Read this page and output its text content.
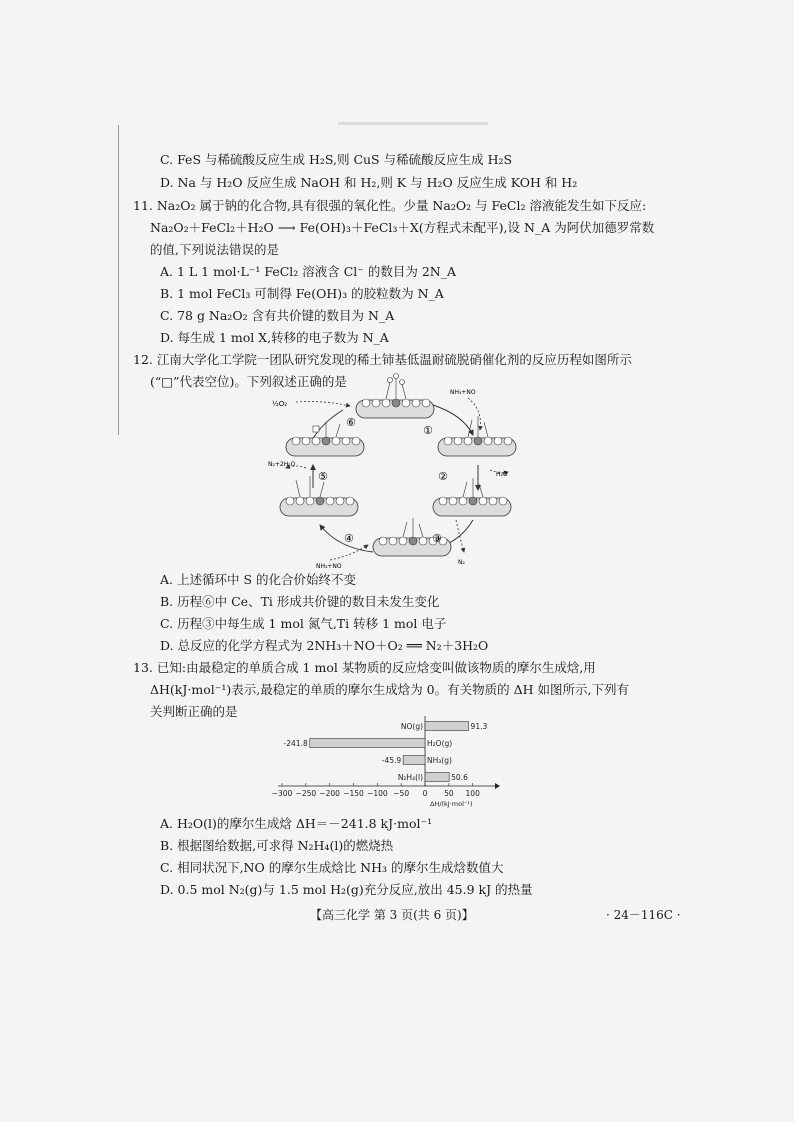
C. FeS 与稀硫酸反应生成 H₂S,则 CuS 与稀硫酸反应生成 H₂S
D. Na 与 H₂O 反应生成 NaOH 和 H₂,则 K 与 H₂O 反应生成 KOH 和 H₂
11. Na₂O₂ 属于钠的化合物,具有很强的氧化性。少量 Na₂O₂ 与 FeCl₂ 溶液能发生如下反应:
Na₂O₂＋FeCl₂＋H₂O ⟶ Fe(OH)₃＋FeCl₃＋X(方程式未配平),设 N_A 为阿伏加德罗常数
的值,下列说法错误的是
A. 1 L 1 mol·L⁻¹ FeCl₂ 溶液含 Cl⁻ 的数目为 2N_A
B. 1 mol FeCl₃ 可制得 Fe(OH)₃ 的胶粒数为 N_A
C. 78 g Na₂O₂ 含有共价键的数目为 N_A
D. 每生成 1 mol X,转移的电子数为 N_A
12. 江南大学化工学院一团队研究发现的稀土铈基低温耐硫脱硝催化剂的反应历程如图所示
(“□”代表空位)。下列叙述正确的是
⑥
①
②
③
④
⑤
½O₂
NH₃+NO
H₂O
N₂
NH₃+NO
N₂+2H₂O
A. 上述循环中 S 的化合价始终不变
B. 历程⑥中 Ce、Ti 形成共价键的数目未发生变化
C. 历程③中每生成 1 mol 氮气,Ti 转移 1 mol 电子
D. 总反应的化学方程式为 2NH₃＋NO＋O₂ ══ N₂＋3H₂O
13. 已知:由最稳定的单质合成 1 mol 某物质的反应焓变叫做该物质的摩尔生成焓,用
ΔH(kJ·mol⁻¹)表示,最稳定的单质的摩尔生成焓为 0。有关物质的 ΔH 如图所示,下列有
关判断正确的是
−300 −250 −200 −150 −100 −50 0 50 100
ΔH/(kJ·mol⁻¹)
NO(g)	91.3
H₂O(g)
-241.8
NH₃(g)
-45.9
N₂H₄(l)	50.6
A. H₂O(l)的摩尔生成焓 ΔH＝－241.8 kJ·mol⁻¹
B. 根据图给数据,可求得 N₂H₄(l)的燃烧热
C. 相同状况下,NO 的摩尔生成焓比 NH₃ 的摩尔生成焓数值大
D. 0.5 mol N₂(g)与 1.5 mol H₂(g)充分反应,放出 45.9 kJ 的热量
【高三化学 第 3 页(共 6 页)】	· 24－116C ·
